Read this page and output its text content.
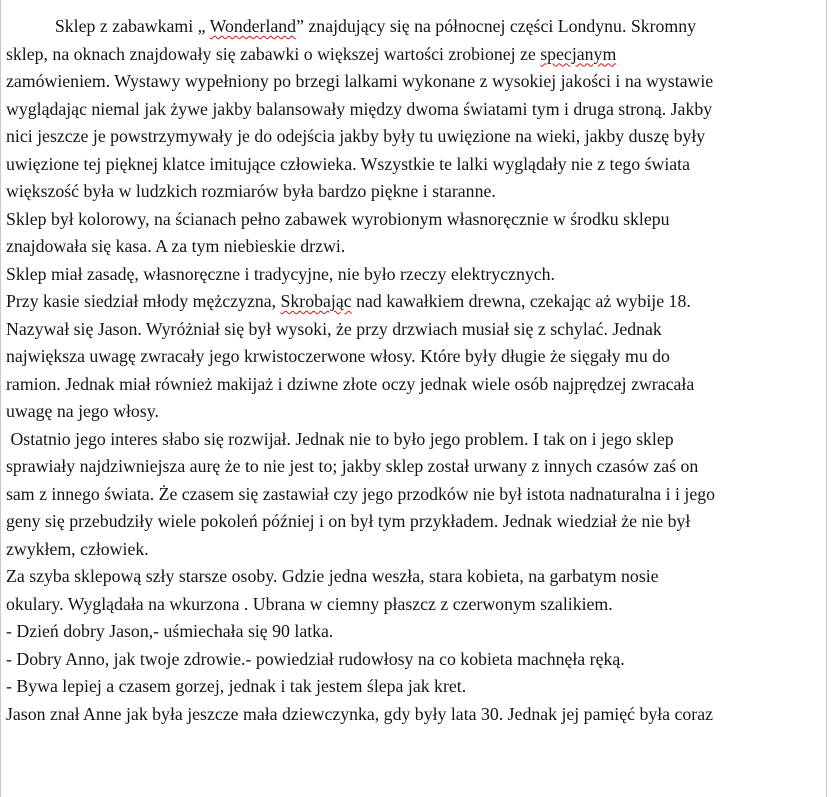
Sklep z zabawkami „ Wonderland” znajdujący się na północnej części Londynu. Skromny
sklep, na oknach znajdowały się zabawki o większej wartości zrobionej ze specjanym
zamówieniem. Wystawy wypełniony po brzegi lalkami wykonane z wysokiej jakości i na wystawie
wyglądając niemal jak żywe jakby balansowały między dwoma światami tym i druga stroną. Jakby
nici jeszcze je powstrzymywały je do odejścia jakby były tu uwięzione na wieki, jakby duszę były
uwięzione tej pięknej klatce imitujące człowieka. Wszystkie te lalki wyglądały nie z tego świata
większość była w ludzkich rozmiarów była bardzo piękne i staranne.
Sklep był kolorowy, na ścianach pełno zabawek wyrobionym własnoręcznie w środku sklepu
znajdowała się kasa. A za tym niebieskie drzwi.
Sklep miał zasadę, własnoręczne i tradycyjne, nie było rzeczy elektrycznych.
Przy kasie siedział młody mężczyzna, Skrobając nad kawałkiem drewna, czekając aż wybije 18.
Nazywał się Jason. Wyróżniał się był wysoki, że przy drzwiach musiał się z schylać. Jednak
największa uwagę zwracały jego krwistoczerwone włosy. Które były długie że sięgały mu do
ramion. Jednak miał również makijaż i dziwne złote oczy jednak wiele osób najprędzej zwracała
uwagę na jego włosy.
Ostatnio jego interes słabo się rozwijał. Jednak nie to było jego problem. I tak on i jego sklep
sprawiały najdziwniejsza aurę że to nie jest to; jakby sklep został urwany z innych czasów zaś on
sam z innego świata. Że czasem się zastawiał czy jego przodków nie był istota nadnaturalna i i jego
geny się przebudziły wiele pokoleń później i on był tym przykładem. Jednak wiedział że nie był
zwykłem, człowiek.
Za szyba sklepową szły starsze osoby. Gdzie jedna weszła, stara kobieta, na garbatym nosie
okulary. Wyglądała na wkurzona . Ubrana w ciemny płaszcz z czerwonym szalikiem.
- Dzień dobry Jason,- uśmiechała się 90 latka.
- Dobry Anno, jak twoje zdrowie.- powiedział rudowłosy na co kobieta machnęła ręką.
- Bywa lepiej a czasem gorzej, jednak i tak jestem ślepa jak kret.
Jason znał Anne jak była jeszcze mała dziewczynka, gdy były lata 30. Jednak jej pamięć była coraz
